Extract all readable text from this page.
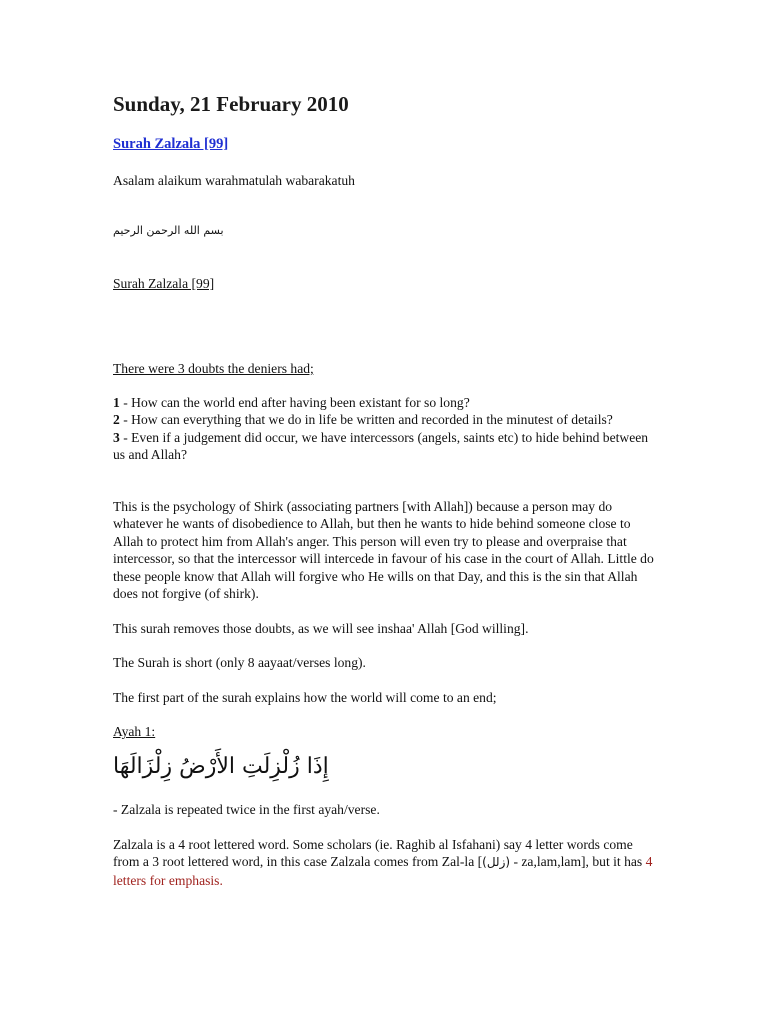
Sunday, 21 February 2010
Surah Zalzala [99]

Asalam alaikum warahmatulah wabarakatuh

بسم الله الرحمن الرحيم

Surah Zalzala [99]

There were 3 doubts the deniers had;

1 - How can the world end after having been existant for so long?
2 - How can everything that we do in life be written and recorded in the minutest of details?
3 - Even if a judgement did occur, we have intercessors (angels, saints etc) to hide behind between us and Allah?

This is the psychology of Shirk (associating partners [with Allah]) because a person may do whatever he wants of disobedience to Allah, but then he wants to hide behind someone close to Allah to protect him from Allah's anger. This person will even try to please and overpraise that intercessor, so that the intercessor will intercede in favour of his case in the court of Allah. Little do these people know that Allah will forgive who He wills on that Day, and this is the sin that Allah does not forgive (of shirk).

This surah removes those doubts, as we will see inshaa' Allah [God willing].

The Surah is short (only 8 aayaat/verses long).

The first part of the surah explains how the world will come to an end;

Ayah 1:

إِذَا زُلْزِلَتِ الأَرْضُ زِلْزَالَهَا

- Zalzala is repeated twice in the first ayah/verse.

Zalzala is a 4 root lettered word. Some scholars (ie. Raghib al Isfahani) say 4 letter words come from a 3 root lettered word, in this case Zalzala comes from Zal-la [(زلل) - za,lam,lam], but it has 4 letters for emphasis.
